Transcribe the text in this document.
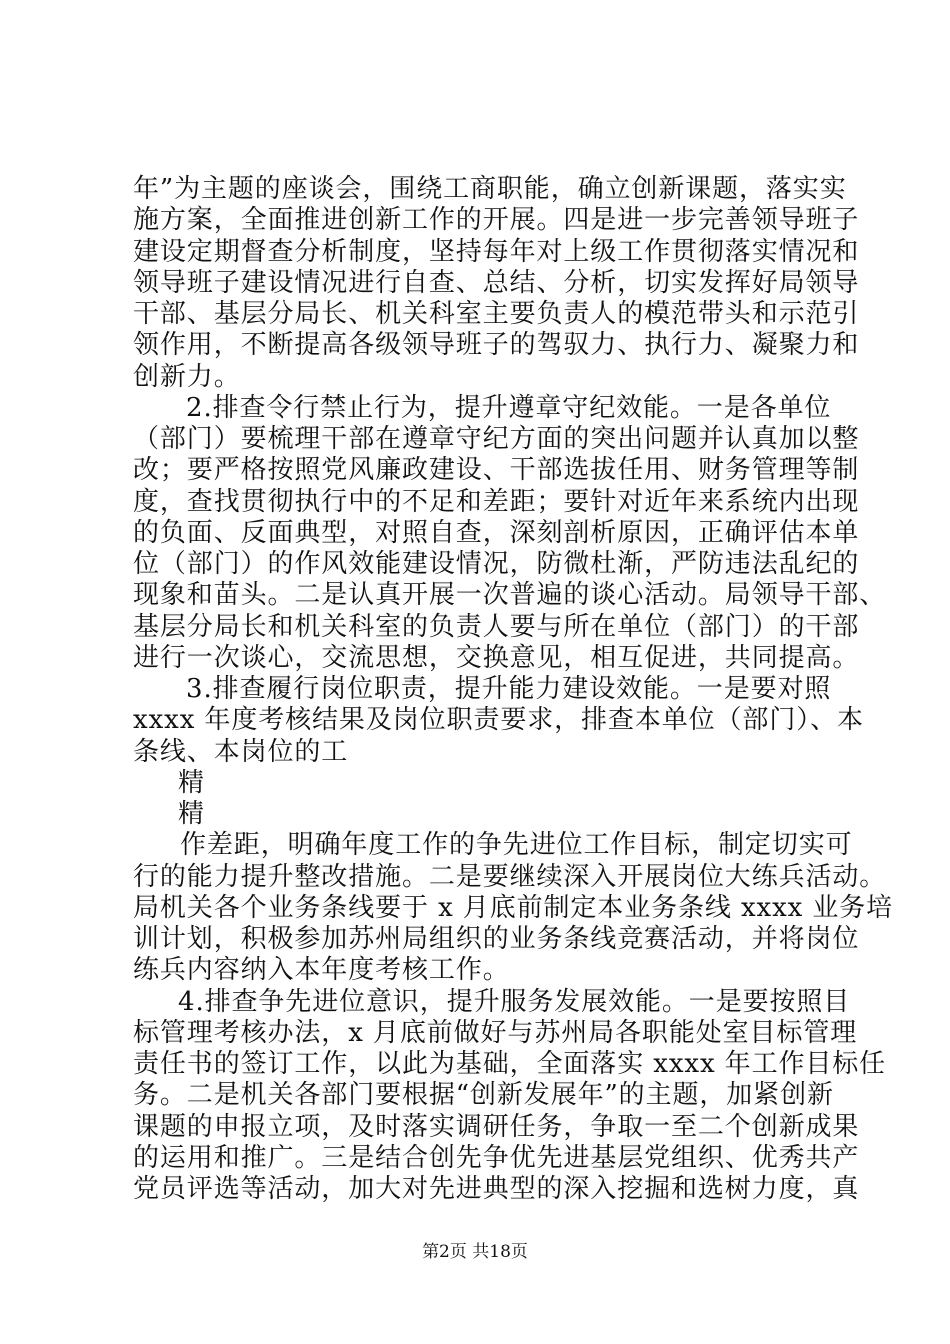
年”为主题的座谈会，围绕工商职能，确立创新课题，落实实
施方案，全面推进创新工作的开展。四是进一步完善领导班子
建设定期督查分析制度，坚持每年对上级工作贯彻落实情况和
领导班子建设情况进行自查、总结、分析，切实发挥好局领导
干部、基层分局长、机关科室主要负责人的模范带头和示范引
领作用，不断提高各级领导班子的驾驭力、执行力、凝聚力和
创新力。
2.排查令行禁止行为，提升遵章守纪效能。一是各单位
（部门）要梳理干部在遵章守纪方面的突出问题并认真加以整
改；要严格按照党风廉政建设、干部选拔任用、财务管理等制
度，查找贯彻执行中的不足和差距；要针对近年来系统内出现
的负面、反面典型，对照自查，深刻剖析原因，正确评估本单
位（部门）的作风效能建设情况，防微杜渐，严防违法乱纪的
现象和苗头。二是认真开展一次普遍的谈心活动。局领导干部、
基层分局长和机关科室的负责人要与所在单位（部门）的干部
进行一次谈心，交流思想，交换意见，相互促进，共同提高。
3.排查履行岗位职责，提升能力建设效能。一是要对照
xxxx 年度考核结果及岗位职责要求，排查本单位（部门）、本
条线、本岗位的工
精
精
作差距，明确年度工作的争先进位工作目标，制定切实可
行的能力提升整改措施。二是要继续深入开展岗位大练兵活动。
局机关各个业务条线要于 x 月底前制定本业务条线 xxxx 业务培
训计划，积极参加苏州局组织的业务条线竞赛活动，并将岗位
练兵内容纳入本年度考核工作。
4.排查争先进位意识，提升服务发展效能。一是要按照目
标管理考核办法，x 月底前做好与苏州局各职能处室目标管理
责任书的签订工作，以此为基础，全面落实 xxxx 年工作目标任
务。二是机关各部门要根据“创新发展年”的主题，加紧创新
课题的申报立项，及时落实调研任务，争取一至二个创新成果
的运用和推广。三是结合创先争优先进基层党组织、优秀共产
党员评选等活动，加大对先进典型的深入挖掘和选树力度，真
第2页 共18页
